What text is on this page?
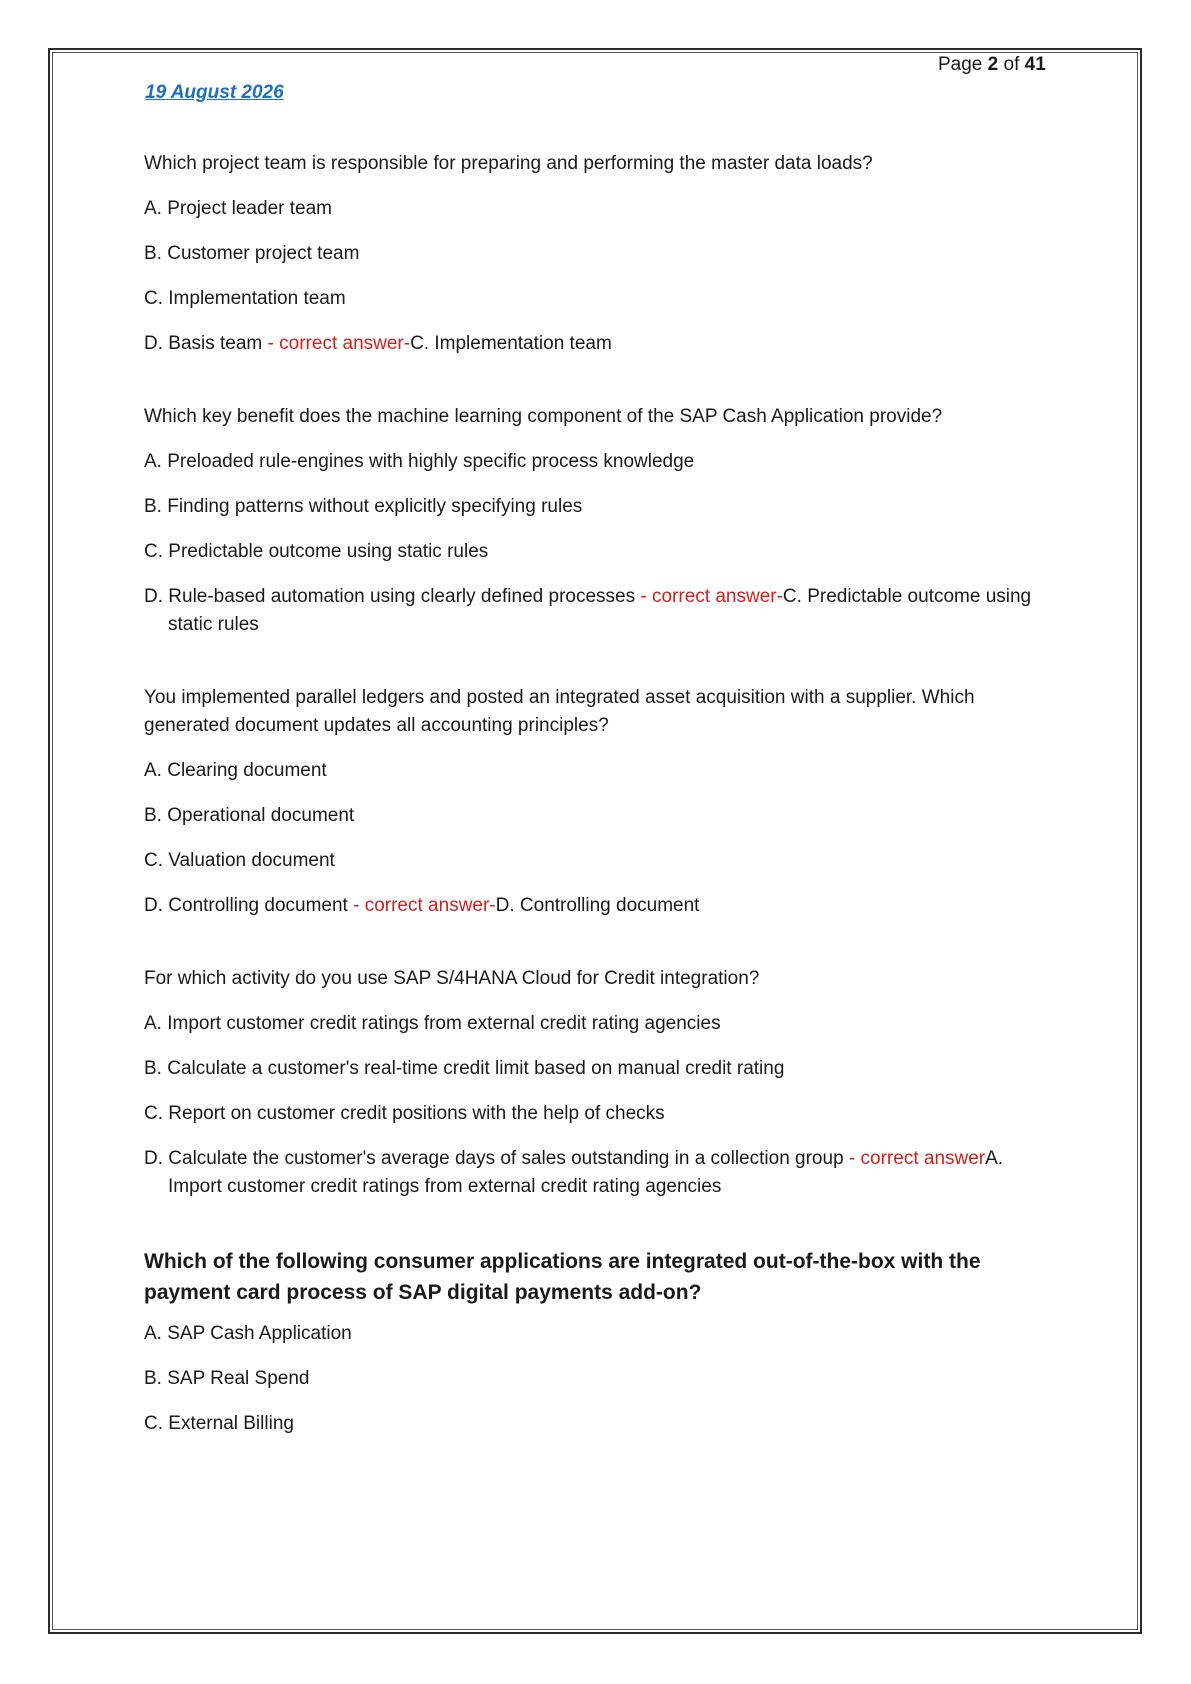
Page 2 of 41
19 August 2026

Which project team is responsible for preparing and performing the master data loads?

A. Project leader team

B. Customer project team

C. Implementation team

D. Basis team - correct answer-C. Implementation team

Which key benefit does the machine learning component of the SAP Cash Application provide?

A. Preloaded rule-engines with highly specific process knowledge

B. Finding patterns without explicitly specifying rules

C. Predictable outcome using static rules

D. Rule-based automation using clearly defined processes - correct answer-C. Predictable outcome using static rules

You implemented parallel ledgers and posted an integrated asset acquisition with a supplier. Which generated document updates all accounting principles?

A. Clearing document

B. Operational document

C. Valuation document

D. Controlling document - correct answer-D. Controlling document

For which activity do you use SAP S/4HANA Cloud for Credit integration?

A. Import customer credit ratings from external credit rating agencies

B. Calculate a customer's real-time credit limit based on manual credit rating

C. Report on customer credit positions with the help of checks

D. Calculate the customer's average days of sales outstanding in a collection group - correct answerA. Import customer credit ratings from external credit rating agencies

Which of the following consumer applications are integrated out-of-the-box with the payment card process of SAP digital payments add-on?

A. SAP Cash Application

B. SAP Real Spend

C. External Billing
